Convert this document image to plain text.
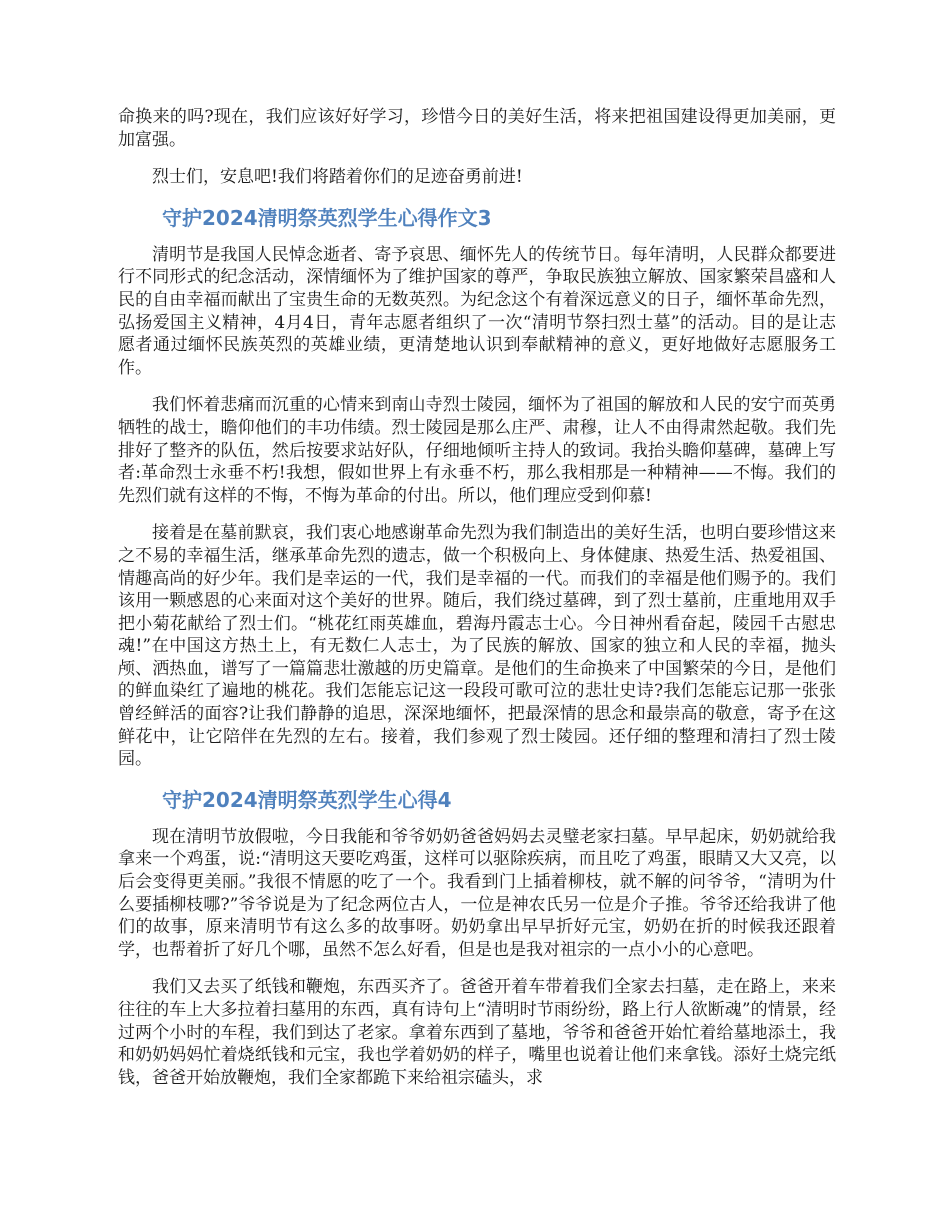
命换来的吗?现在，我们应该好好学习，珍惜今日的美好生活，将来把祖国建设得更加美丽，更加富强。

烈士们，安息吧!我们将踏着你们的足迹奋勇前进!

守护2024清明祭英烈学生心得作文3

清明节是我国人民悼念逝者、寄予哀思、缅怀先人的传统节日。每年清明，人民群众都要进行不同形式的纪念活动，深情缅怀为了维护国家的尊严，争取民族独立解放、国家繁荣昌盛和人民的自由幸福而献出了宝贵生命的无数英烈。为纪念这个有着深远意义的日子，缅怀革命先烈，弘扬爱国主义精神，4月4日，青年志愿者组织了一次“清明节祭扫烈士墓”的活动。目的是让志愿者通过缅怀民族英烈的英雄业绩，更清楚地认识到奉献精神的意义，更好地做好志愿服务工作。

我们怀着悲痛而沉重的心情来到南山寺烈士陵园，缅怀为了祖国的解放和人民的安宁而英勇牺牲的战士，瞻仰他们的丰功伟绩。烈士陵园是那么庄严、肃穆，让人不由得肃然起敬。我们先排好了整齐的队伍，然后按要求站好队，仔细地倾听主持人的致词。我抬头瞻仰墓碑，墓碑上写者:革命烈士永垂不朽!我想，假如世界上有永垂不朽，那么我相那是一种精神——不悔。我们的先烈们就有这样的不悔，不悔为革命的付出。所以，他们理应受到仰慕!

接着是在墓前默哀，我们衷心地感谢革命先烈为我们制造出的美好生活，也明白要珍惜这来之不易的幸福生活，继承革命先烈的遗志，做一个积极向上、身体健康、热爱生活、热爱祖国、情趣高尚的好少年。我们是幸运的一代，我们是幸福的一代。而我们的幸福是他们赐予的。我们该用一颗感恩的心来面对这个美好的世界。随后，我们绕过墓碑，到了烈士墓前，庄重地用双手把小菊花献给了烈士们。“桃花红雨英雄血，碧海丹霞志士心。今日神州看奋起，陵园千古慰忠魂!”在中国这方热土上，有无数仁人志士，为了民族的解放、国家的独立和人民的幸福，抛头颅、洒热血，谱写了一篇篇悲壮激越的历史篇章。是他们的生命换来了中国繁荣的今日，是他们的鲜血染红了遍地的桃花。我们怎能忘记这一段段可歌可泣的悲壮史诗?我们怎能忘记那一张张曾经鲜活的面容?让我们静静的追思，深深地缅怀，把最深情的思念和最崇高的敬意，寄予在这鲜花中，让它陪伴在先烈的左右。接着，我们参观了烈士陵园。还仔细的整理和清扫了烈士陵园。

守护2024清明祭英烈学生心得4

现在清明节放假啦，今日我能和爷爷奶奶爸爸妈妈去灵璧老家扫墓。早早起床，奶奶就给我拿来一个鸡蛋，说:“清明这天要吃鸡蛋，这样可以驱除疾病，而且吃了鸡蛋，眼睛又大又亮，以后会变得更美丽。”我很不情愿的吃了一个。我看到门上插着柳枝，就不解的问爷爷，“清明为什么要插柳枝哪?”爷爷说是为了纪念两位古人，一位是神农氏另一位是介子推。爷爷还给我讲了他们的故事，原来清明节有这么多的故事呀。奶奶拿出早早折好元宝，奶奶在折的时候我还跟着学，也帮着折了好几个哪，虽然不怎么好看，但是也是我对祖宗的一点小小的心意吧。

我们又去买了纸钱和鞭炮，东西买齐了。爸爸开着车带着我们全家去扫墓，走在路上，来来往往的车上大多拉着扫墓用的东西，真有诗句上“清明时节雨纷纷，路上行人欲断魂”的情景，经过两个小时的车程，我们到达了老家。拿着东西到了墓地，爷爷和爸爸开始忙着给墓地添土，我和奶奶妈妈忙着烧纸钱和元宝，我也学着奶奶的样子，嘴里也说着让他们来拿钱。添好土烧完纸钱，爸爸开始放鞭炮，我们全家都跪下来给祖宗磕头，求
